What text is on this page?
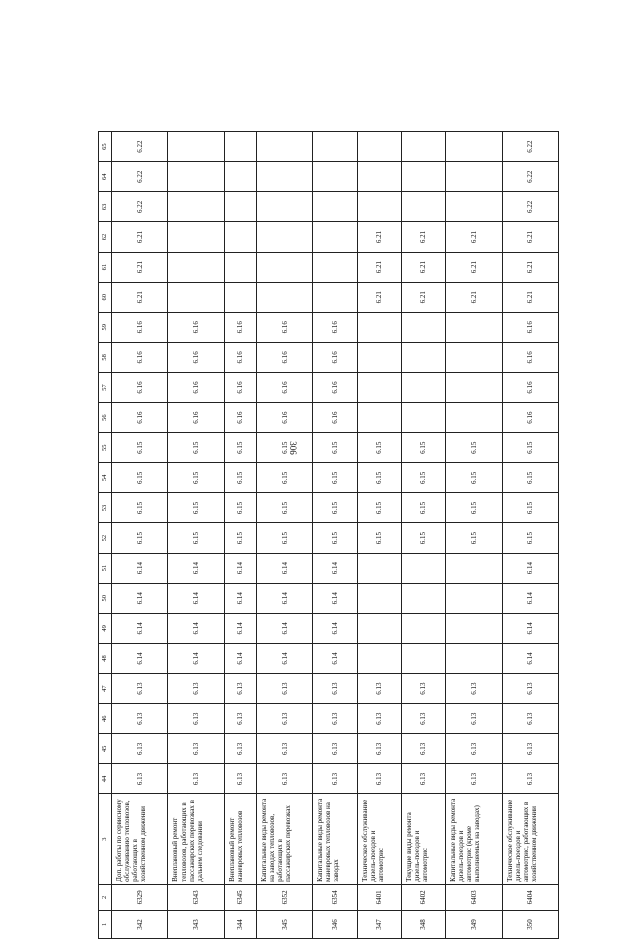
306
1	2	3	44	45	46	47	48	49	50	51	52	53	54	55	56	57	58	59	60	61	62	63	64	65
342	6329	Доп. работы по сервисному обслуживанию тепловозов, работающих в хозяйственном движении	6.13	6.13	6.13	6.13	6.14	6.14	6.14	6.14	6.15	6.15	6.15	6.15	6.16	6.16	6.16	6.16	6.21	6.21	6.21	6.22	6.22	6.22
343	6343	Внеплановый ремонт тепловозов, работающих в пассажирских перевозках в дальнем следовании	6.13	6.13	6.13	6.13	6.14	6.14	6.14	6.14	6.15	6.15	6.15	6.15	6.16	6.16	6.16	6.16						
344	6345	Внеплановый ремонт маневровых тепловозов	6.13	6.13	6.13	6.13	6.14	6.14	6.14	6.14	6.15	6.15	6.15	6.15	6.16	6.16	6.16	6.16						
345	6352	Капитальные виды ремонта на заводах тепловозов, работающих в пассажирских перевозках	6.13	6.13	6.13	6.13	6.14	6.14	6.14	6.14	6.15	6.15	6.15	6.15	6.16	6.16	6.16	6.16						
346	6354	Капитальные виды ремонта маневровых тепловозов на заводах	6.13	6.13	6.13	6.13	6.14	6.14	6.14	6.14	6.15	6.15	6.15	6.15	6.16	6.16	6.16	6.16						
347	6401	Техническое обслуживание дизель-поездов и автомотрис	6.13	6.13	6.13	6.13					6.15	6.15	6.15	6.15					6.21	6.21	6.21			
348	6402	Текущие виды ремонта дизель-поездов и автомотрис	6.13	6.13	6.13	6.13					6.15	6.15	6.15	6.15					6.21	6.21	6.21			
349	6403	Капитальные виды ремонта дизель-поездов и автомотрис (кроме выполняемых на заводах)	6.13	6.13	6.13	6.13					6.15	6.15	6.15	6.15					6.21	6.21	6.21			
350	6404	Техническое обслуживание дизель-поездов и автомотрис, работающих в хозяйственном движении	6.13	6.13	6.13	6.13	6.14	6.14	6.14	6.14	6.15	6.15	6.15	6.15	6.16	6.16	6.16	6.16	6.21	6.21	6.21	6.22	6.22	6.22
